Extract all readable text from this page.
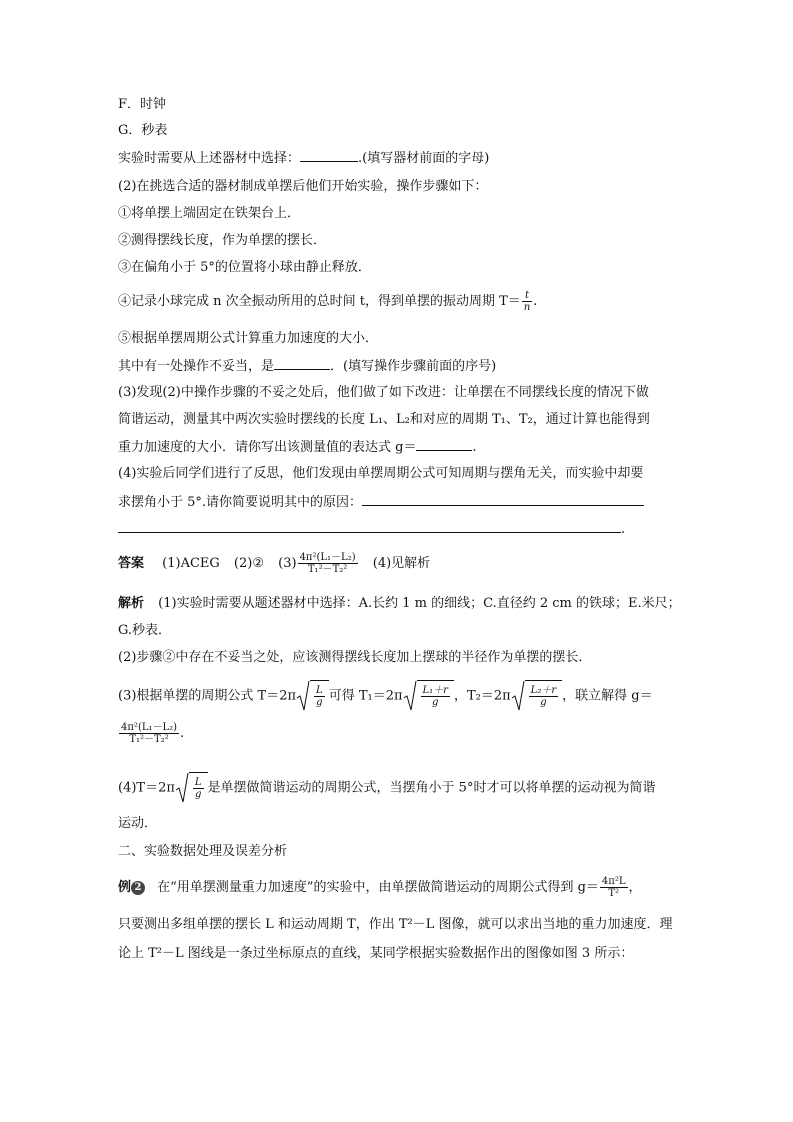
F．时钟
G．秒表
实验时需要从上述器材中选择：	.(填写器材前面的字母)
(2)在挑选合适的器材制成单摆后他们开始实验，操作步骤如下：
①将单摆上端固定在铁架台上．
②测得摆线长度，作为单摆的摆长．
③在偏角小于 5°的位置将小球由静止释放．
④记录小球完成 n 次全振动所用的总时间 t，得到单摆的振动周期 $T= \frac{t}{n}$ .
⑤根据单摆周期公式计算重力加速度的大小．
其中有一处操作不妥当，是	．(填写操作步骤前面的序号)
(3)发现(2)中操作步骤的不妥之处后，他们做了如下改进：让单摆在不同摆线长度的情况下做
简谐运动，测量其中两次实验时摆线的长度 L₁、L₂和对应的周期 T₁、T₂，通过计算也能得到
重力加速度的大小．请你写出该测量值的表达式 g＝	.
(4)实验后同学们进行了反思，他们发现由单摆周期公式可知周期与摆角无关，而实验中却要
求摆角小于 5°.请你简要说明其中的原因：
.
答案 (1)ACEG (2)② $(3) \frac{\text{4π²(L₁－L₂)}}{\text{T₁²－T₂²}} (4)$见解析
解析 (1)实验时需要从题述器材中选择：A.长约 1 m 的细线；C.直径约 2 cm 的铁球；E.米尺；
G.秒表．
(2)步骤②中存在不妥当之处，应该测得摆线长度加上摆球的半径作为单摆的摆长．
(3)根据单摆的周期公式 $T=2\pi \frac{L}{g}$ 可得 $T_1=2\pi \frac{\text{L₁＋r}}{g}$ ，$T_2=2\pi \frac{\text{L₂＋r}}{g}$ ，联立解得 g＝
$\frac{\text{4π²(L₁－L₂)}}{\text{T₁²－T₂²}}$ .
$(4)T=2\pi \frac{L}{g}$ 是单摆做简谐运动的周期公式，当摆角小于 5°时才可以将单摆的运动视为简谐
运动．
二、实验数据处理及误差分析
例 2 在“用单摆测量重力加速度”的实验中，由单摆做简谐运动的周期公式得到 $g= \frac{\text{4π²L}}{\text{T²}}$ ，
只要测出多组单摆的摆长 L 和运动周期 T，作出 T²－L 图像，就可以求出当地的重力加速度．理
论上 T²－L 图线是一条过坐标原点的直线，某同学根据实验数据作出的图像如图 3 所示：
